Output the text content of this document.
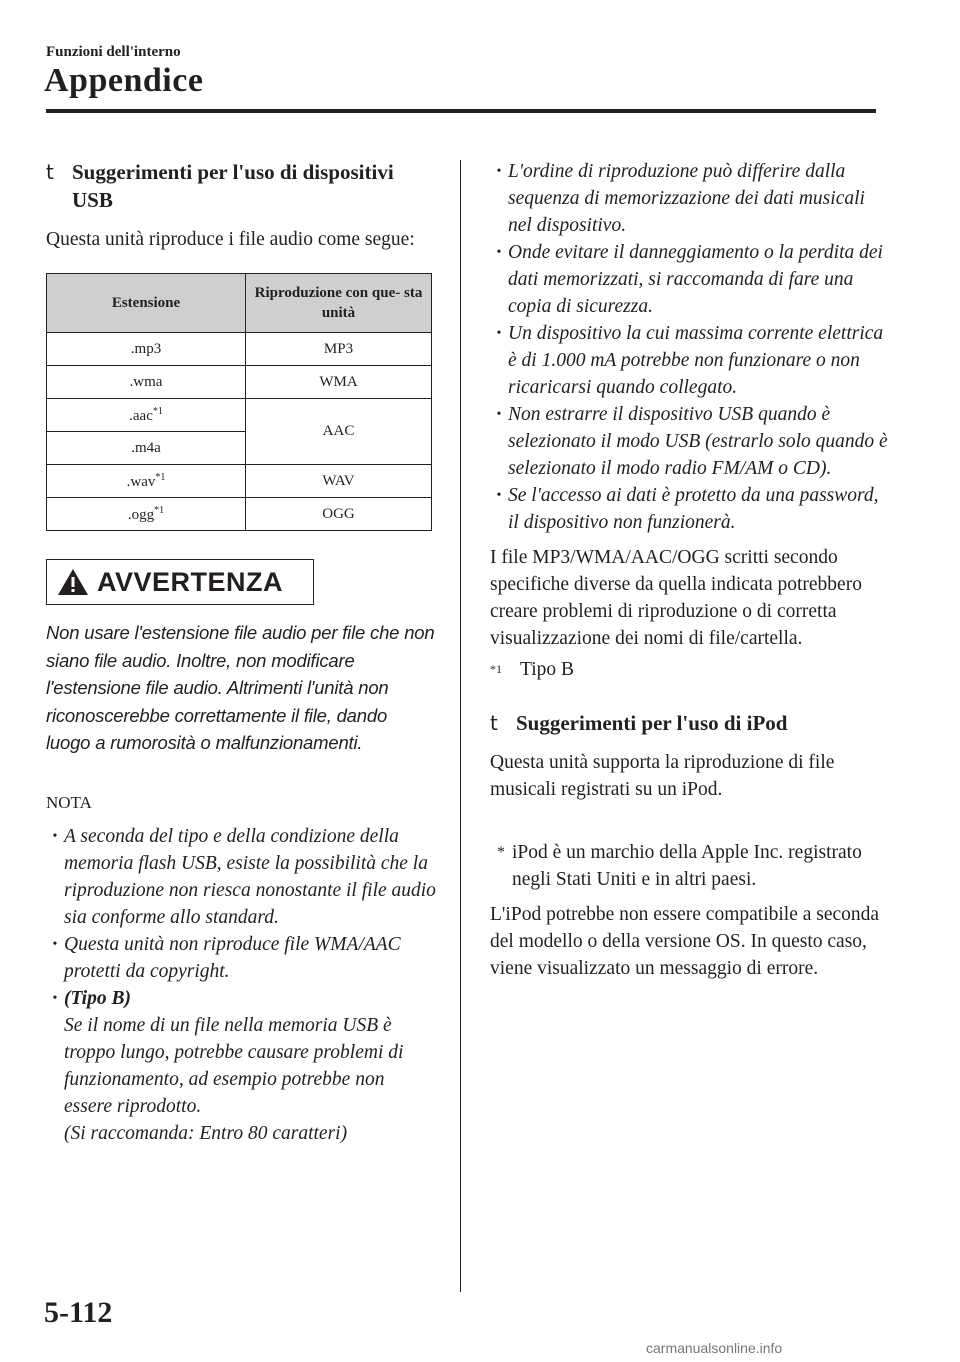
Funzioni dell'interno
Appendice
t Suggerimenti per l'uso di dispositivi USB

Questa unità riproduce i file audio come segue:

Estensione	Riproduzione con que- sta unità
.mp3	MP3
.wma	WMA
.aac$^{*1}$	AAC
.m4a	
.wav$^{*1}$	WAV
.ogg$^{*1}$	OGG
AVVERTENZA
Non usare l'estensione file audio per file che non siano file audio. Inoltre, non modificare l'estensione file audio. Altrimenti l'unità non riconoscerebbe correttamente il file, dando luogo a rumorosità o malfunzionamenti.
NOTA
• A seconda del tipo e della condizione della memoria flash USB, esiste la possibilità che la riproduzione non riesca nonostante il file audio sia conforme allo standard.
• Questa unità non riproduce file WMA/AAC protetti da copyright.
• (Tipo B)
Se il nome di un file nella memoria USB è troppo lungo, potrebbe causare problemi di funzionamento, ad esempio potrebbe non essere riprodotto.
(Si raccomanda: Entro 80 caratteri)
• L'ordine di riproduzione può differire dalla sequenza di memorizzazione dei dati musicali nel dispositivo.
• Onde evitare il danneggiamento o la perdita dei dati memorizzati, si raccomanda di fare una copia di sicurezza.
• Un dispositivo la cui massima corrente elettrica è di 1.000 mA potrebbe non funzionare o non ricaricarsi quando collegato.
• Non estrarre il dispositivo USB quando è selezionato il modo USB (estrarlo solo quando è selezionato il modo radio FM/AM o CD).
• Se l'accesso ai dati è protetto da una password, il dispositivo non funzionerà.

I file MP3/WMA/AAC/OGG scritti secondo specifiche diverse da quella indicata potrebbero creare problemi di riproduzione o di corretta visualizzazione dei nomi di file/cartella.

$^{*1}$ Tipo B
t Suggerimenti per l'uso di iPod

Questa unità supporta la riproduzione di file musicali registrati su un iPod.

* iPod è un marchio della Apple Inc. registrato negli Stati Uniti e in altri paesi.

L'iPod potrebbe non essere compatibile a seconda del modello o della versione OS. In questo caso, viene visualizzato un messaggio di errore.

5-112
carmanualsonline.info
